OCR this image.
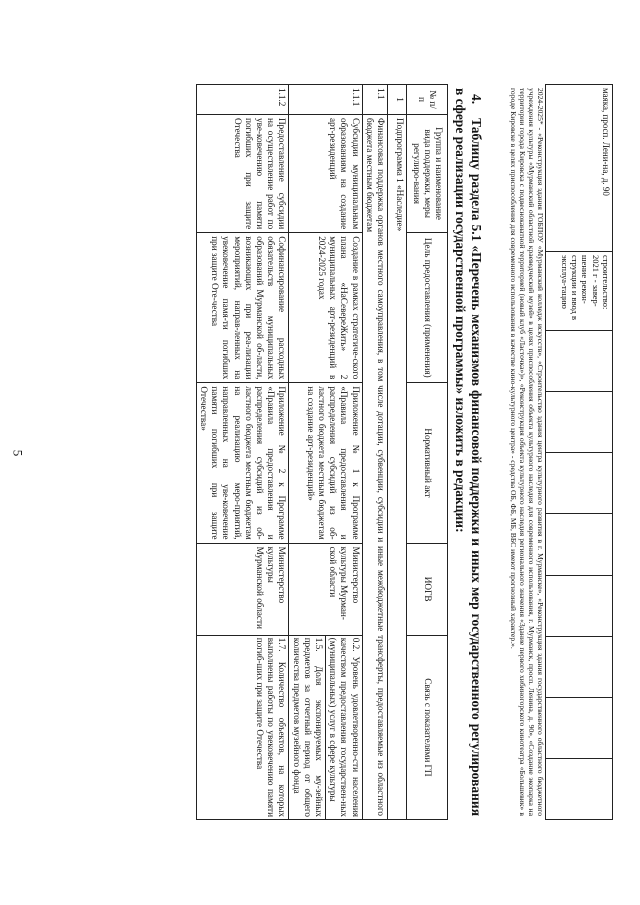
5

маяка, просп. Лени-на, д. 90	строительство: 2021 г - завер-шение рекон-струкции и ввод в эксплуа-тацию								

2024-2025* - «Реконструкция здания ГОБПОУ «Мурманский колледж искусств», «Строительство здания центра культурного развития в г. Мурманске», «Реконструкция здания государственного областного бюджетного учреждения культуры «Мурманский областной краеведческий музей» в целях приспособления объекта культурного наследия для современного использования, г. Мурманск, просп. Ленина, д. 90», «Создание экопарка на территории города Кировска с подвесноканатной территорией (новый клуб «Ласточка»)», «Реконструкция объекта культурного наследия регионального значения «Здание первого хибиногорского кинотеатра «Большевик» в городе Кировске в целях приспособления для современного использования в качестве кино-культурного центра» - средства ОБ, ФБ, МБ, ВБС имеют прогнозный характер.».

4.Таблицу раздела 5.1 «Перечень механизмов финансовой поддержки и иных мер государственного регулирования в сфере реализации государственной программы» изложить в редакции:

№ п/п	Группа и наименование вида поддержки, меры регулиро-вания	Цель предоставления (применения)	Нормативный акт	ИОГВ	Связь с показателями ГП
1	Подпрограмма 1 «Наследие»				
1.1	Финансовая поддержка органов местного самоуправления, в том числе дотации, субвенции, субсидии и иные межбюджетные трансферты, предоставляемые из областного бюджета местным бюджетам				
1.1.1	Субсидии муниципальным образованиям на создание арт-резиденций	Создание в рамках стратегиче-ского плана «НаСевереЖить» 2 муниципальных арт-резиденций в 2024-2025 годах	Приложение № 1 к Программе «Правила предоставления и распределения субсидий из об-ластного бюджета местным бюджетам на создание арт-резиденций»	Министерство культуры Мурман-ской области	0.2. Уровень удовлетворенно-сти населения качеством предоставления государствен-ных (муниципальных) услуг в сфере культуры
1.5. Доля экспонируемых му-зейных предметов за отчетный период от общего количества предметов музейного фонда

1.1.2	Предоставление субсидии на осуществление работ по уве-ковечению памяти погибших при защите Отечества	Софинансирование расходных обязательств муниципальных образований Мурманской об-ласти, возникающих при реа-лизации мероприятий, направ-ленных на увековечение памя-ти погибших при защите Оте-чества	Приложение № 2 к Программе «Правила предоставления и распределения субсидий из об-ластного бюджета местным бюджетам на реализацию меро-приятий, направленных на уве-ковечение памяти погибших при защите Отечества»	Министерство культуры Мурманской области	1.7. Количество объектов, на которых выполнены работы по увековечению памяти погиб-ших при защите Отечества
